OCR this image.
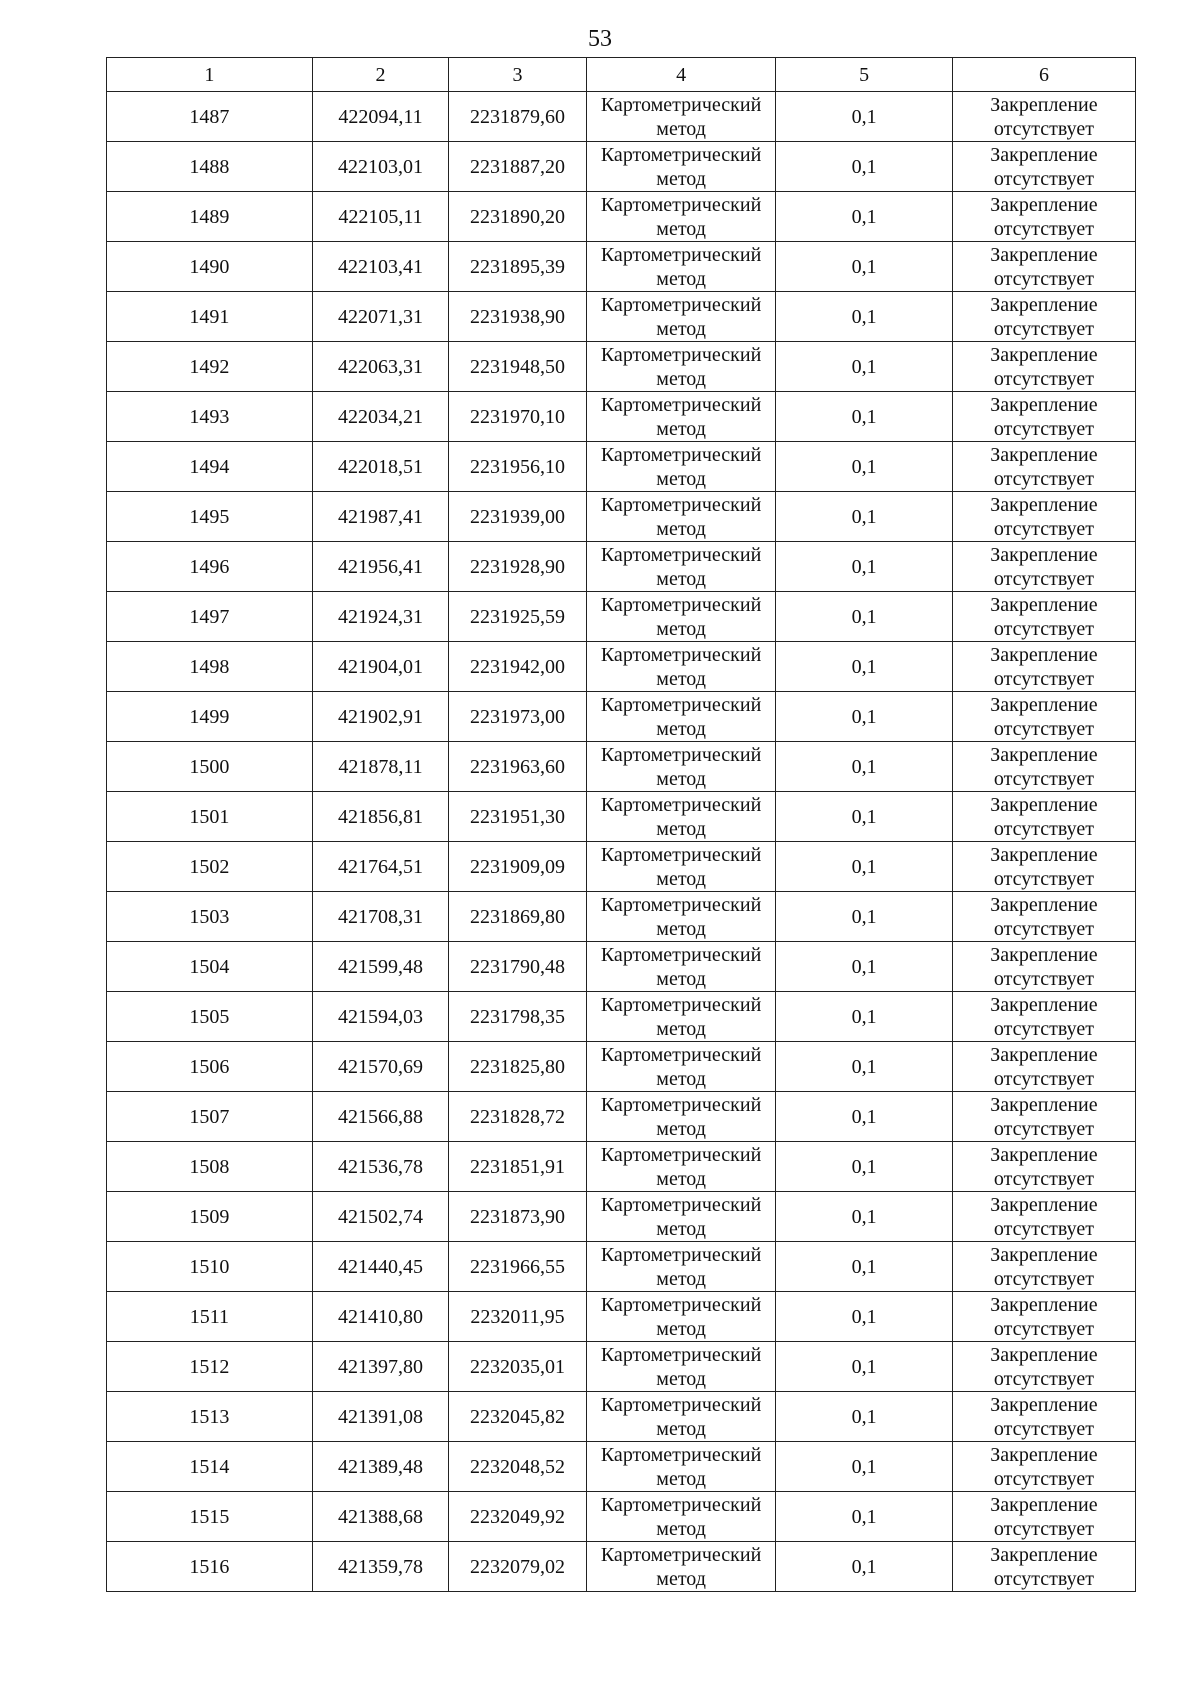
53
1	2	3	4	5	6
1487	422094,11	2231879,60	Картометрический метод	0,1	Закрепление отсутствует
1488	422103,01	2231887,20	Картометрический метод	0,1	Закрепление отсутствует
1489	422105,11	2231890,20	Картометрический метод	0,1	Закрепление отсутствует
1490	422103,41	2231895,39	Картометрический метод	0,1	Закрепление отсутствует
1491	422071,31	2231938,90	Картометрический метод	0,1	Закрепление отсутствует
1492	422063,31	2231948,50	Картометрический метод	0,1	Закрепление отсутствует
1493	422034,21	2231970,10	Картометрический метод	0,1	Закрепление отсутствует
1494	422018,51	2231956,10	Картометрический метод	0,1	Закрепление отсутствует
1495	421987,41	2231939,00	Картометрический метод	0,1	Закрепление отсутствует
1496	421956,41	2231928,90	Картометрический метод	0,1	Закрепление отсутствует
1497	421924,31	2231925,59	Картометрический метод	0,1	Закрепление отсутствует
1498	421904,01	2231942,00	Картометрический метод	0,1	Закрепление отсутствует
1499	421902,91	2231973,00	Картометрический метод	0,1	Закрепление отсутствует
1500	421878,11	2231963,60	Картометрический метод	0,1	Закрепление отсутствует
1501	421856,81	2231951,30	Картометрический метод	0,1	Закрепление отсутствует
1502	421764,51	2231909,09	Картометрический метод	0,1	Закрепление отсутствует
1503	421708,31	2231869,80	Картометрический метод	0,1	Закрепление отсутствует
1504	421599,48	2231790,48	Картометрический метод	0,1	Закрепление отсутствует
1505	421594,03	2231798,35	Картометрический метод	0,1	Закрепление отсутствует
1506	421570,69	2231825,80	Картометрический метод	0,1	Закрепление отсутствует
1507	421566,88	2231828,72	Картометрический метод	0,1	Закрепление отсутствует
1508	421536,78	2231851,91	Картометрический метод	0,1	Закрепление отсутствует
1509	421502,74	2231873,90	Картометрический метод	0,1	Закрепление отсутствует
1510	421440,45	2231966,55	Картометрический метод	0,1	Закрепление отсутствует
1511	421410,80	2232011,95	Картометрический метод	0,1	Закрепление отсутствует
1512	421397,80	2232035,01	Картометрический метод	0,1	Закрепление отсутствует
1513	421391,08	2232045,82	Картометрический метод	0,1	Закрепление отсутствует
1514	421389,48	2232048,52	Картометрический метод	0,1	Закрепление отсутствует
1515	421388,68	2232049,92	Картометрический метод	0,1	Закрепление отсутствует
1516	421359,78	2232079,02	Картометрический метод	0,1	Закрепление отсутствует
